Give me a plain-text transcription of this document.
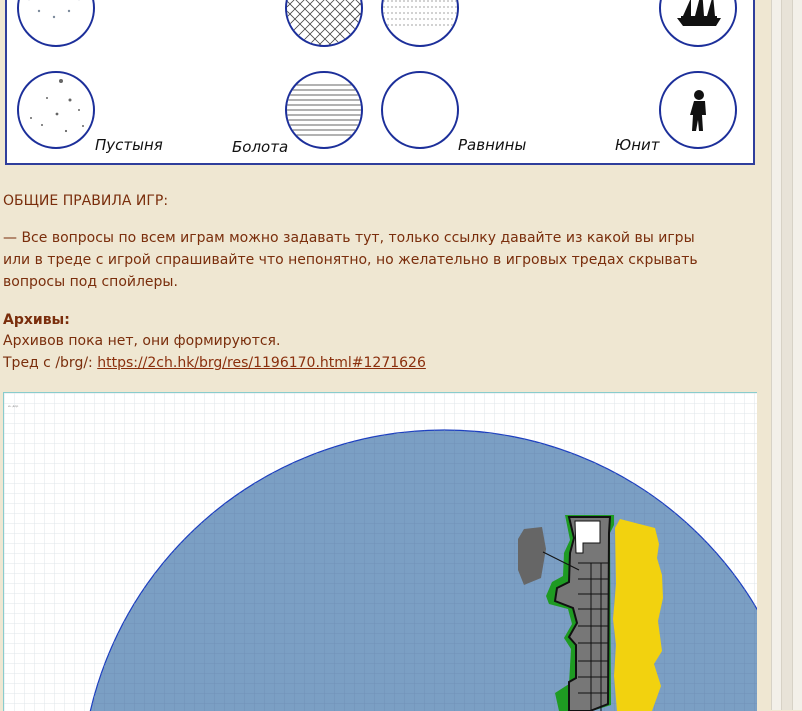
Пустыня	Болота	Равнины	Юнит
ОБЩИЕ ПРАВИЛА ИГР:
— Все вопросы по всем играм можно задавать тут, только ссылку давайте из какой вы игры
или в треде с игрой спрашивайте что непонятно, но желательно в игровых тредах скрывать
вопросы под спойлеры.
Архивы:
Архивов пока нет, они формируются.
Тред с /brg/: https://2ch.hk/brg/res/1196170.html#1271626
ю. дор
